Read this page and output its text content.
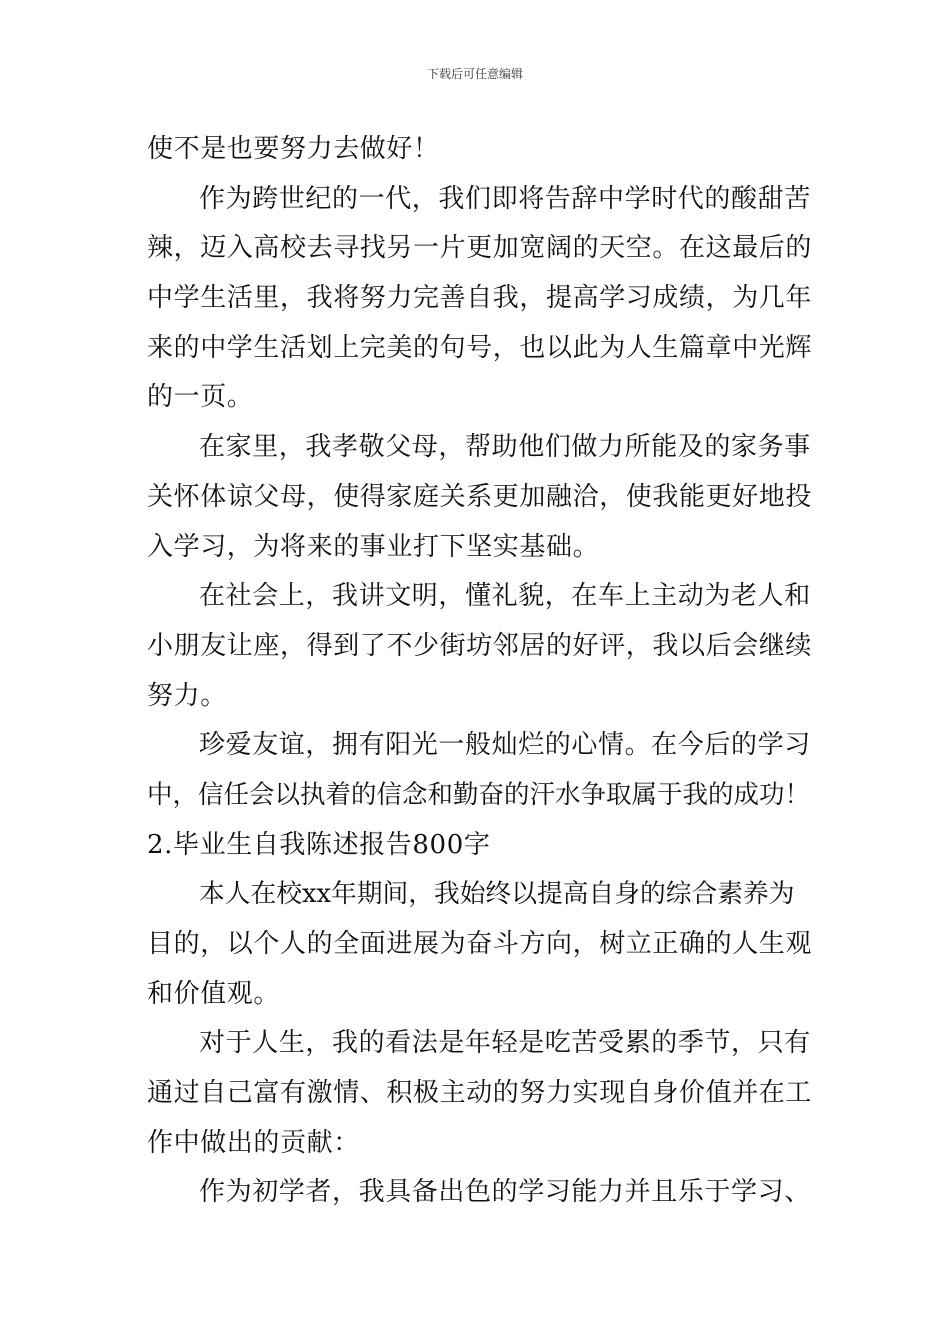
下载后可任意编辑
使不是也要努力去做好！
作为跨世纪的一代，我们即将告辞中学时代的酸甜苦
辣，迈入高校去寻找另一片更加宽阔的天空。在这最后的
中学生活里，我将努力完善自我，提高学习成绩，为几年
来的中学生活划上完美的句号，也以此为人生篇章中光辉
的一页。
在家里，我孝敬父母，帮助他们做力所能及的家务事
关怀体谅父母，使得家庭关系更加融洽，使我能更好地投
入学习，为将来的事业打下坚实基础。
在社会上，我讲文明，懂礼貌，在车上主动为老人和
小朋友让座，得到了不少街坊邻居的好评，我以后会继续
努力。
珍爱友谊，拥有阳光一般灿烂的心情。在今后的学习
中，信任会以执着的信念和勤奋的汗水争取属于我的成功！
2.毕业生自我陈述报告800字
本人在校xx年期间，我始终以提高自身的综合素养为
目的，以个人的全面进展为奋斗方向，树立正确的人生观
和价值观。
对于人生，我的看法是年轻是吃苦受累的季节，只有
通过自己富有激情、积极主动的努力实现自身价值并在工
作中做出的贡献：
作为初学者，我具备出色的学习能力并且乐于学习、
